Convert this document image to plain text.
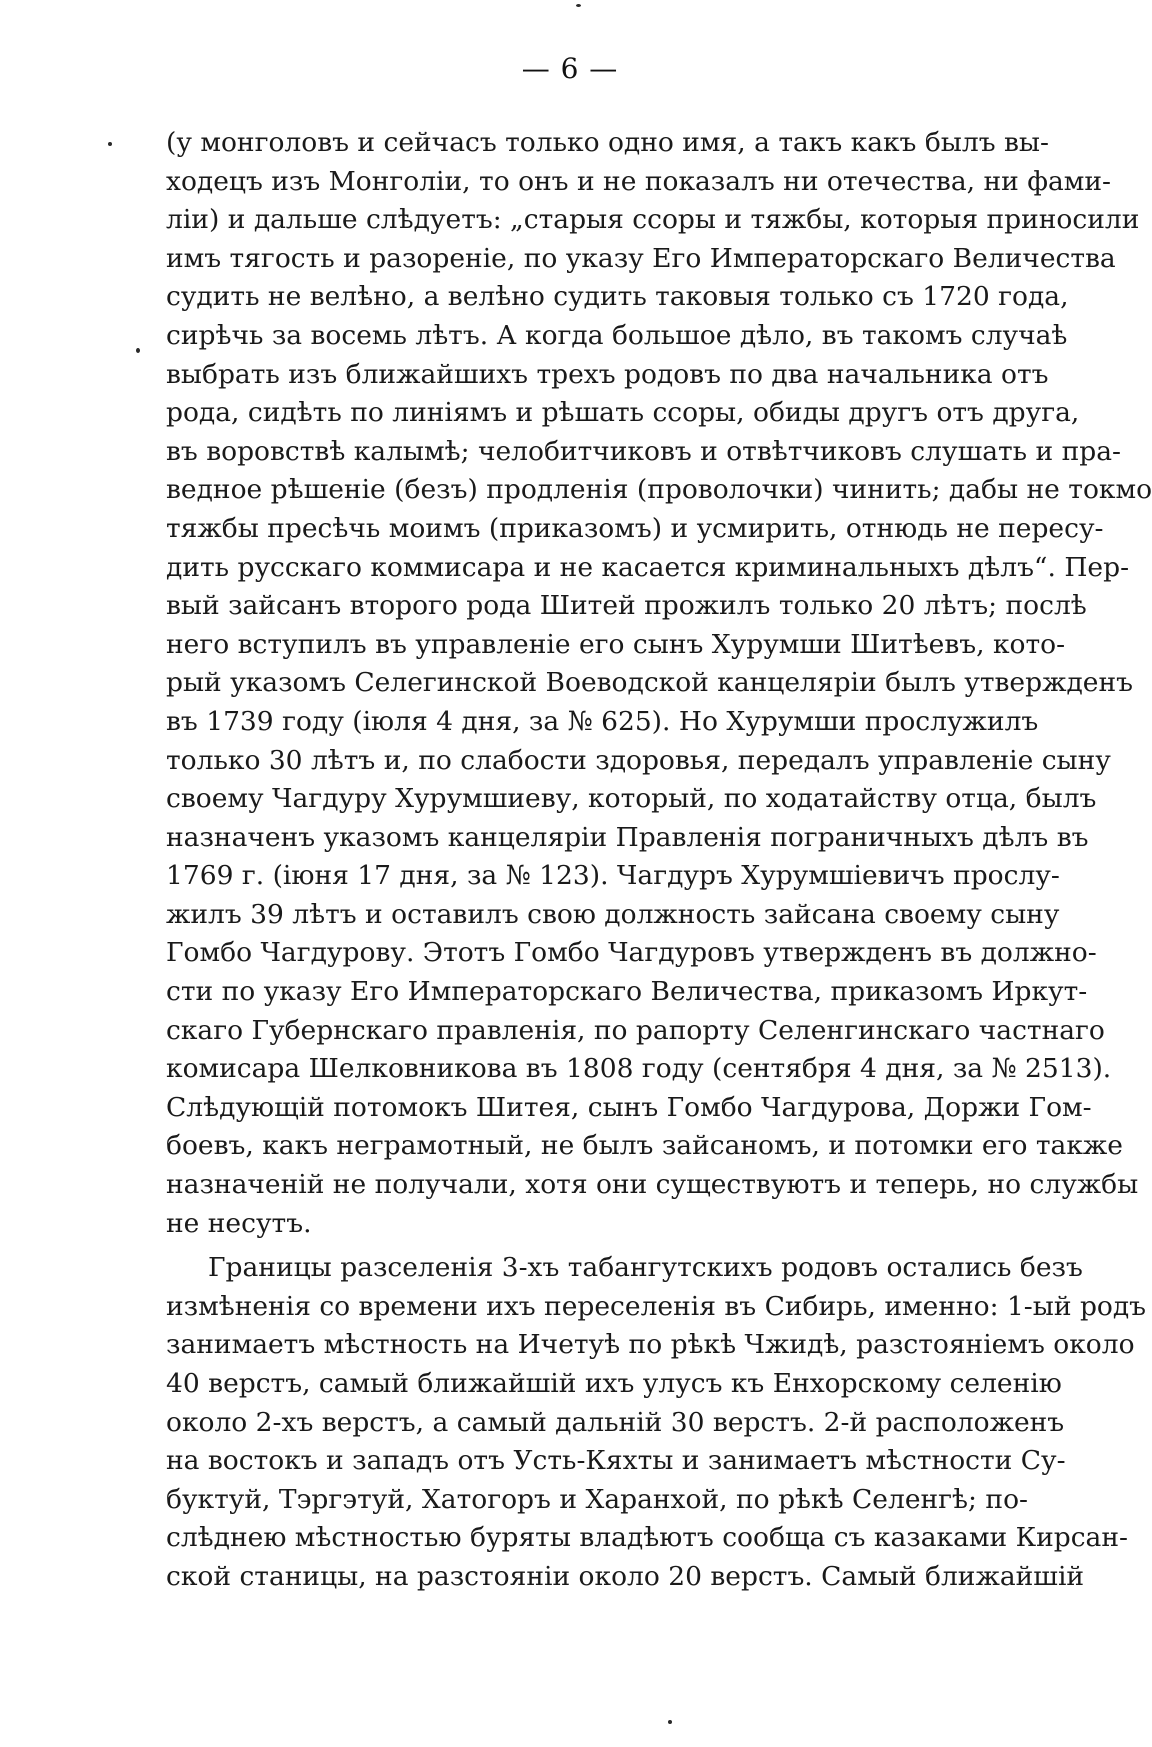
— 6 —
(у монголовъ и сейчасъ только одно имя, а такъ какъ былъ вы-
ходецъ изъ Монголіи, то онъ и не показалъ ни отечества, ни фами-
ліи) и дальше слѣдуетъ: „старыя ссоры и тяжбы, которыя приносили
имъ тягость и разореніе, по указу Его Императорскаго Величества
судить не велѣно, а велѣно судить таковыя только съ 1720 года,
сирѣчь за восемь лѣтъ. А когда большое дѣло, въ такомъ случаѣ
выбрать изъ ближайшихъ трехъ родовъ по два начальника отъ
рода, сидѣть по линіямъ и рѣшать ссоры, обиды другъ отъ друга,
въ воровствѣ калымѣ; челобитчиковъ и отвѣтчиковъ слушать и пра-
ведное рѣшеніе (безъ) продленія (проволочки) чинить; дабы не токмо
тяжбы пресѣчь моимъ (приказомъ) и усмирить, отнюдь не пересу-
дить русскаго коммисара и не касается криминальныхъ дѣлъ“. Пер-
вый зайсанъ второго рода Шитей прожилъ только 20 лѣтъ; послѣ
него вступилъ въ управленіе его сынъ Хурумши Шитѣевъ, кото-
рый указомъ Селегинской Воеводской канцеляріи былъ утвержденъ
въ 1739 году (іюля 4 дня, за № 625). Но Хурумши прослужилъ
только 30 лѣтъ и, по слабости здоровья, передалъ управленіе сыну
своему Чагдуру Хурумшиеву, который, по ходатайству отца, былъ
назначенъ указомъ канцеляріи Правленія пограничныхъ дѣлъ въ
1769 г. (іюня 17 дня, за № 123). Чагдуръ Хурумшіевичъ прослу-
жилъ 39 лѣтъ и оставилъ свою должность зайсана своему сыну
Гомбо Чагдурову. Этотъ Гомбо Чагдуровъ утвержденъ въ должно-
сти по указу Его Императорскаго Величества, приказомъ Иркут-
скаго Губернскаго правленія, по рапорту Селенгинскаго частнаго
комисара Шелковникова въ 1808 году (сентября 4 дня, за № 2513).
Слѣдующій потомокъ Шитея, сынъ Гомбо Чагдурова, Доржи Гом-
боевъ, какъ неграмотный, не былъ зайсаномъ, и потомки его также
назначеній не получали, хотя они существуютъ и теперь, но службы
не несутъ.
Границы разселенія 3-хъ табангутскихъ родовъ остались безъ
измѣненія со времени ихъ переселенія въ Сибирь, именно: 1-ый родъ
занимаетъ мѣстность на Ичетуѣ по рѣкѣ Чжидѣ, разстояніемъ около
40 верстъ, самый ближайшій ихъ улусъ къ Енхорскому селенію
около 2-хъ верстъ, а самый дальній 30 верстъ. 2-й расположенъ
на востокъ и западъ отъ Усть-Кяхты и занимаетъ мѣстности Су-
буктуй, Тэргэтуй, Хатогоръ и Харанхой, по рѣкѣ Селенгѣ; по-
слѣднею мѣстностью буряты владѣютъ сообща съ казаками Кирсан-
ской станицы, на разстояніи около 20 верстъ. Самый ближайшій
